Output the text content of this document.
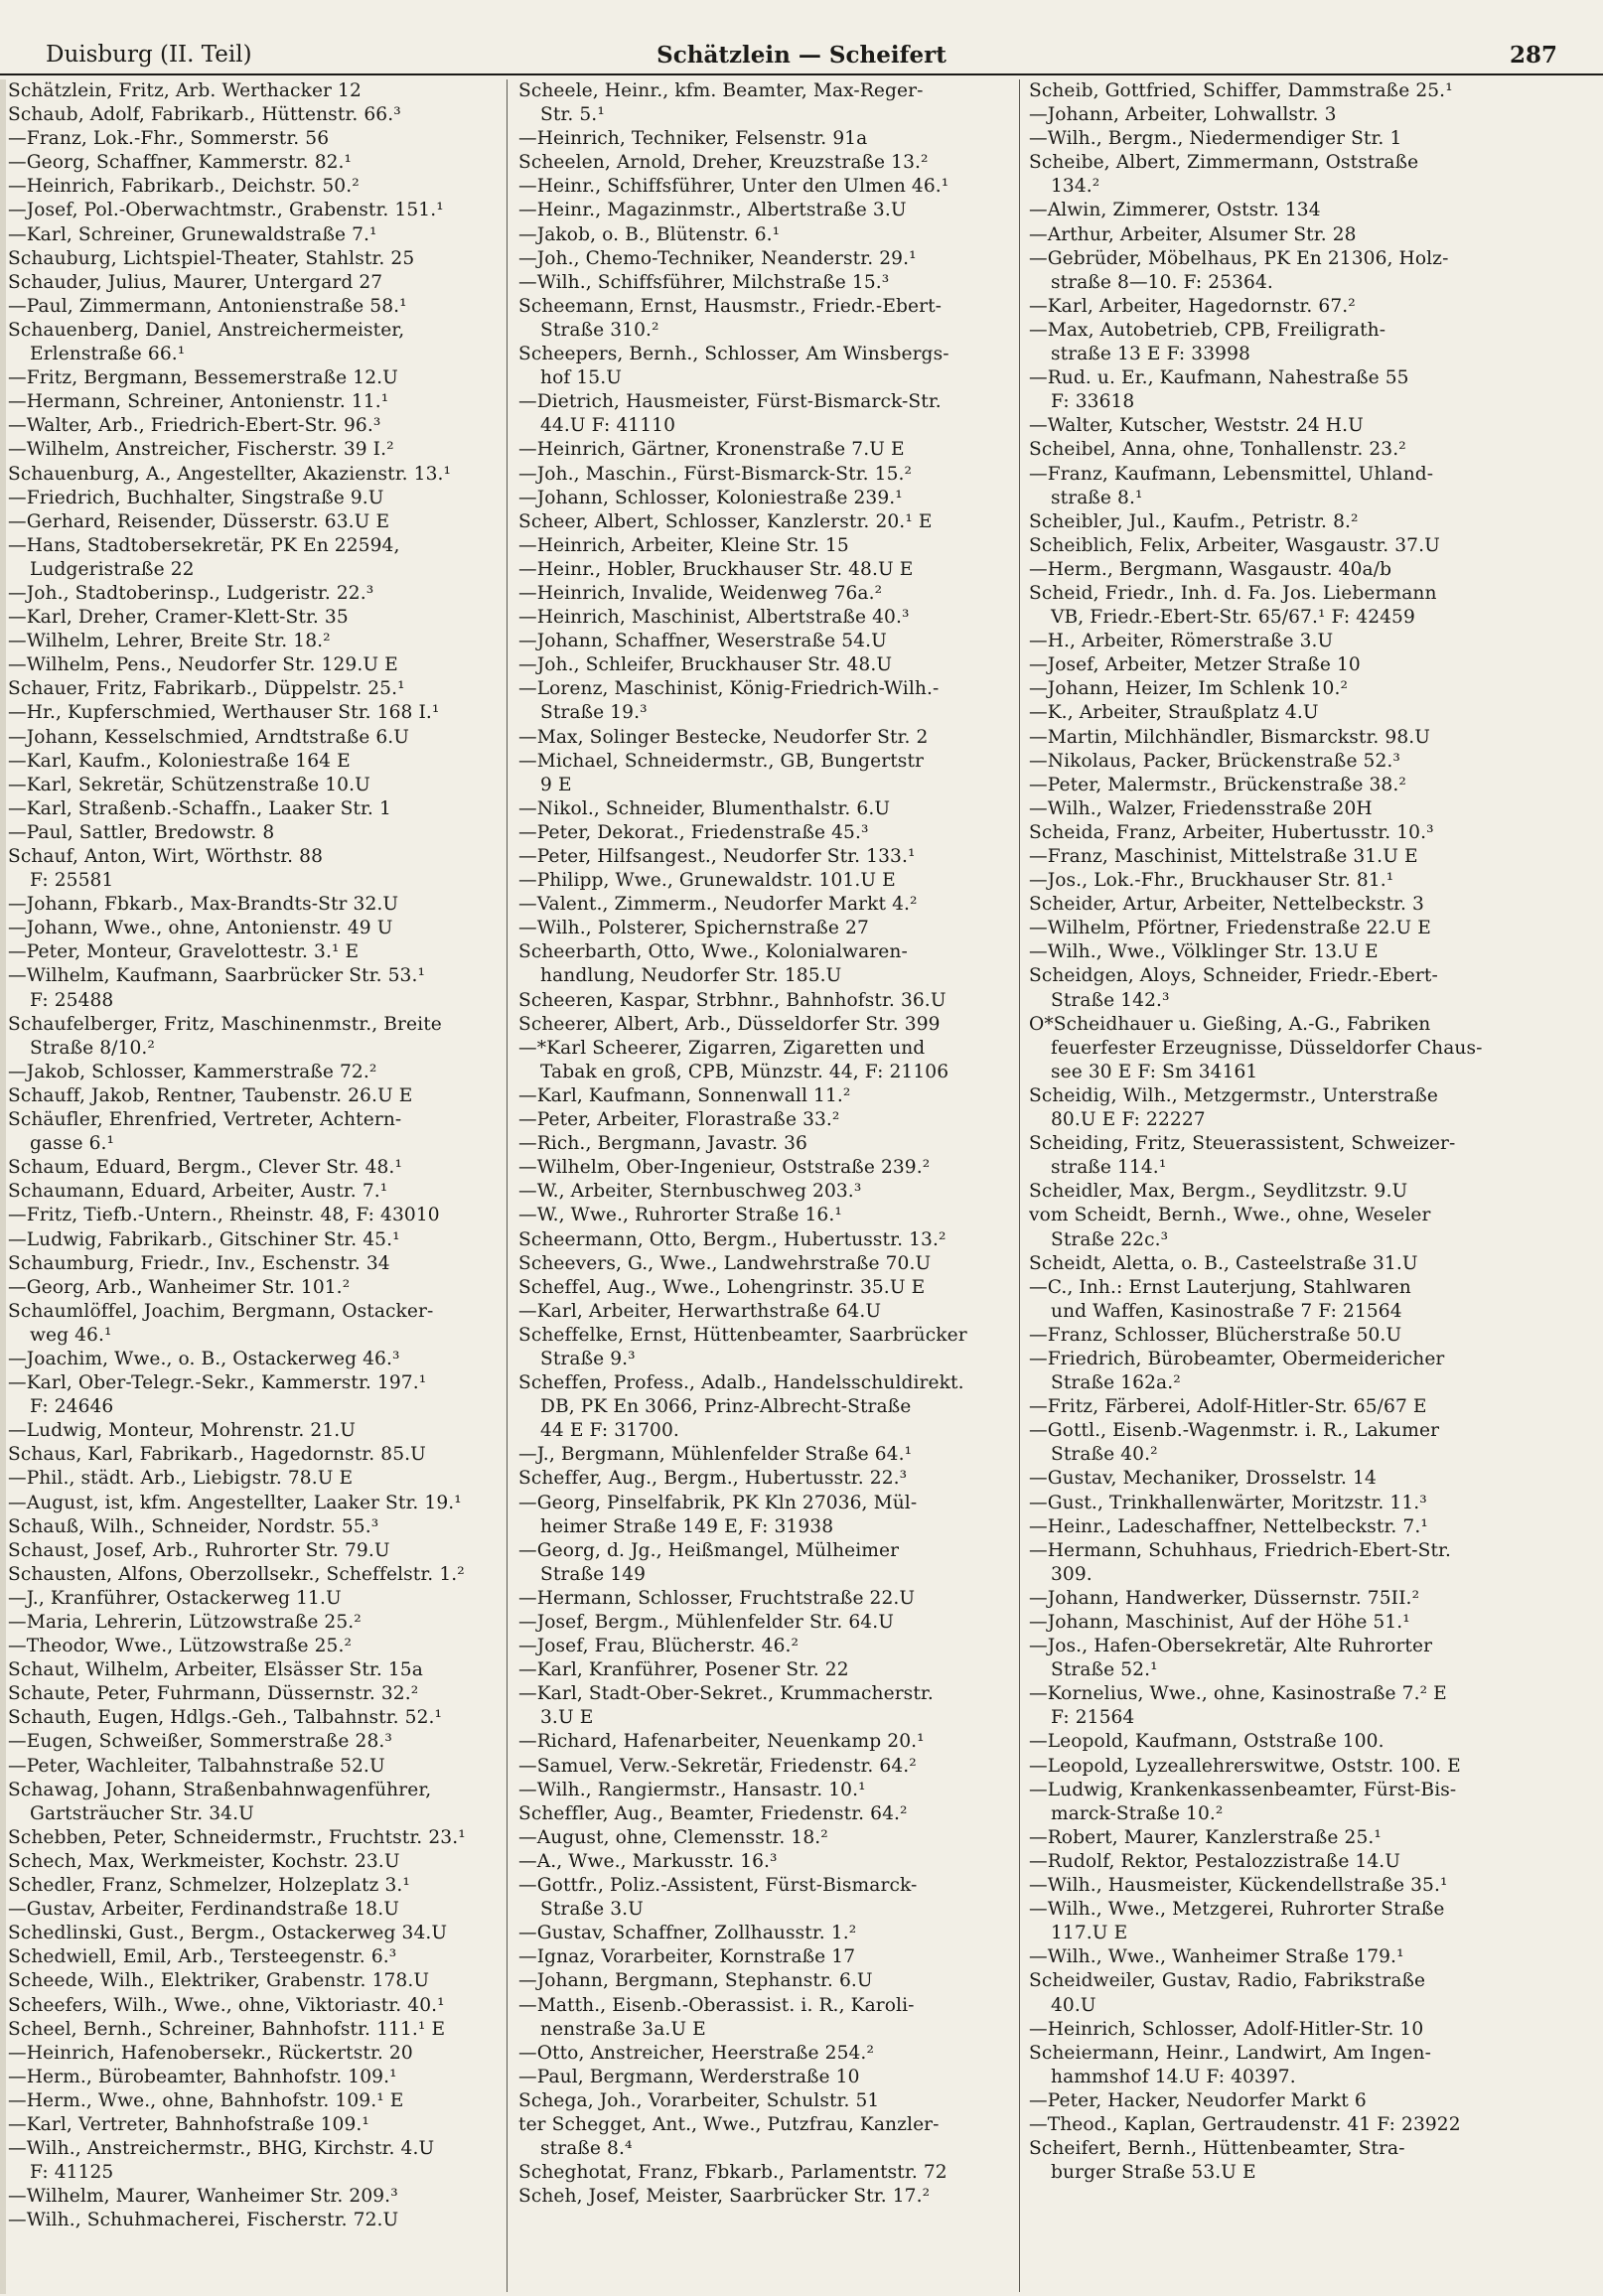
Duisburg (II. Teil)	Schätzlein — Scheifert	287
Schätzlein, Fritz, Arb. Werthacker 12
Schaub, Adolf, Fabrikarb., Hüttenstr. 66.³
—Franz, Lok.-Fhr., Sommerstr. 56
—Georg, Schaffner, Kammerstr. 82.¹
—Heinrich, Fabrikarb., Deichstr. 50.²
—Josef, Pol.-Oberwachtmstr., Grabenstr. 151.¹
—Karl, Schreiner, Grunewaldstraße 7.¹
Schauburg, Lichtspiel-Theater, Stahlstr. 25
Schauder, Julius, Maurer, Untergard 27
—Paul, Zimmermann, Antonienstraße 58.¹
Schauenberg, Daniel, Anstreichermeister,
Erlenstraße 66.¹
—Fritz, Bergmann, Bessemerstraße 12.U
—Hermann, Schreiner, Antonienstr. 11.¹
—Walter, Arb., Friedrich-Ebert-Str. 96.³
—Wilhelm, Anstreicher, Fischerstr. 39 I.²
Schauenburg, A., Angestellter, Akazienstr. 13.¹
—Friedrich, Buchhalter, Singstraße 9.U
—Gerhard, Reisender, Düsserstr. 63.U E
—Hans, Stadtobersekretär, PK En 22594,
Ludgeristraße 22
—Joh., Stadtoberinsp., Ludgeristr. 22.³
—Karl, Dreher, Cramer-Klett-Str. 35
—Wilhelm, Lehrer, Breite Str. 18.²
—Wilhelm, Pens., Neudorfer Str. 129.U E
Schauer, Fritz, Fabrikarb., Düppelstr. 25.¹
—Hr., Kupferschmied, Werthauser Str. 168 I.¹
—Johann, Kesselschmied, Arndtstraße 6.U
—Karl, Kaufm., Koloniestraße 164 E
—Karl, Sekretär, Schützenstraße 10.U
—Karl, Straßenb.-Schaffn., Laaker Str. 1
—Paul, Sattler, Bredowstr. 8
Schauf, Anton, Wirt, Wörthstr. 88
F: 25581
—Johann, Fbkarb., Max-Brandts-Str 32.U
—Johann, Wwe., ohne, Antonienstr. 49 U
—Peter, Monteur, Gravelottestr. 3.¹ E
—Wilhelm, Kaufmann, Saarbrücker Str. 53.¹
F: 25488
Schaufelberger, Fritz, Maschinenmstr., Breite
Straße 8/10.²
—Jakob, Schlosser, Kammerstraße 72.²
Schauff, Jakob, Rentner, Taubenstr. 26.U E
Schäufler, Ehrenfried, Vertreter, Achtern-
gasse 6.¹
Schaum, Eduard, Bergm., Clever Str. 48.¹
Schaumann, Eduard, Arbeiter, Austr. 7.¹
—Fritz, Tiefb.-Untern., Rheinstr. 48, F: 43010
—Ludwig, Fabrikarb., Gitschiner Str. 45.¹
Schaumburg, Friedr., Inv., Eschenstr. 34
—Georg, Arb., Wanheimer Str. 101.²
Schaumlöffel, Joachim, Bergmann, Ostacker-
weg 46.¹
—Joachim, Wwe., o. B., Ostackerweg 46.³
—Karl, Ober-Telegr.-Sekr., Kammerstr. 197.¹
F: 24646
—Ludwig, Monteur, Mohrenstr. 21.U
Schaus, Karl, Fabrikarb., Hagedornstr. 85.U
—Phil., städt. Arb., Liebigstr. 78.U E
—August, ist, kfm. Angestellter, Laaker Str. 19.¹
Schauß, Wilh., Schneider, Nordstr. 55.³
Schaust, Josef, Arb., Ruhrorter Str. 79.U
Schausten, Alfons, Oberzollsekr., Scheffelstr. 1.²
—J., Kranführer, Ostackerweg 11.U
—Maria, Lehrerin, Lützowstraße 25.²
—Theodor, Wwe., Lützowstraße 25.²
Schaut, Wilhelm, Arbeiter, Elsässer Str. 15a
Schaute, Peter, Fuhrmann, Düssernstr. 32.²
Schauth, Eugen, Hdlgs.-Geh., Talbahnstr. 52.¹
—Eugen, Schweißer, Sommerstraße 28.³
—Peter, Wachleiter, Talbahnstraße 52.U
Schawag, Johann, Straßenbahnwagenführer,
Gartsträucher Str. 34.U
Schebben, Peter, Schneidermstr., Fruchtstr. 23.¹
Schech, Max, Werkmeister, Kochstr. 23.U
Schedler, Franz, Schmelzer, Holzeplatz 3.¹
—Gustav, Arbeiter, Ferdinandstraße 18.U
Schedlinski, Gust., Bergm., Ostackerweg 34.U
Schedwiell, Emil, Arb., Tersteegenstr. 6.³
Scheede, Wilh., Elektriker, Grabenstr. 178.U
Scheefers, Wilh., Wwe., ohne, Viktoriastr. 40.¹
Scheel, Bernh., Schreiner, Bahnhofstr. 111.¹ E
—Heinrich, Hafenobersekr., Rückertstr. 20
—Herm., Bürobeamter, Bahnhofstr. 109.¹
—Herm., Wwe., ohne, Bahnhofstr. 109.¹ E
—Karl, Vertreter, Bahnhofstraße 109.¹
—Wilh., Anstreichermstr., BHG, Kirchstr. 4.U
F: 41125
—Wilhelm, Maurer, Wanheimer Str. 209.³
—Wilh., Schuhmacherei, Fischerstr. 72.U
Scheele, Heinr., kfm. Beamter, Max-Reger-
Str. 5.¹
—Heinrich, Techniker, Felsenstr. 91a
Scheelen, Arnold, Dreher, Kreuzstraße 13.²
—Heinr., Schiffsführer, Unter den Ulmen 46.¹
—Heinr., Magazinmstr., Albertstraße 3.U
—Jakob, o. B., Blütenstr. 6.¹
—Joh., Chemo-Techniker, Neanderstr. 29.¹
—Wilh., Schiffsführer, Milchstraße 15.³
Scheemann, Ernst, Hausmstr., Friedr.-Ebert-
Straße 310.²
Scheepers, Bernh., Schlosser, Am Winsbergs-
hof 15.U
—Dietrich, Hausmeister, Fürst-Bismarck-Str.
44.U F: 41110
—Heinrich, Gärtner, Kronenstraße 7.U E
—Joh., Maschin., Fürst-Bismarck-Str. 15.²
—Johann, Schlosser, Koloniestraße 239.¹
Scheer, Albert, Schlosser, Kanzlerstr. 20.¹ E
—Heinrich, Arbeiter, Kleine Str. 15
—Heinr., Hobler, Bruckhauser Str. 48.U E
—Heinrich, Invalide, Weidenweg 76a.²
—Heinrich, Maschinist, Albertstraße 40.³
—Johann, Schaffner, Weserstraße 54.U
—Joh., Schleifer, Bruckhauser Str. 48.U
—Lorenz, Maschinist, König-Friedrich-Wilh.-
Straße 19.³
—Max, Solinger Bestecke, Neudorfer Str. 2
—Michael, Schneidermstr., GB, Bungertstr
9 E
—Nikol., Schneider, Blumenthalstr. 6.U
—Peter, Dekorat., Friedenstraße 45.³
—Peter, Hilfsangest., Neudorfer Str. 133.¹
—Philipp, Wwe., Grunewaldstr. 101.U E
—Valent., Zimmerm., Neudorfer Markt 4.²
—Wilh., Polsterer, Spichernstraße 27
Scheerbarth, Otto, Wwe., Kolonialwaren-
handlung, Neudorfer Str. 185.U
Scheeren, Kaspar, Strbhnr., Bahnhofstr. 36.U
Scheerer, Albert, Arb., Düsseldorfer Str. 399
—*Karl Scheerer, Zigarren, Zigaretten und
Tabak en groß, CPB, Münzstr. 44, F: 21106
—Karl, Kaufmann, Sonnenwall 11.²
—Peter, Arbeiter, Florastraße 33.²
—Rich., Bergmann, Javastr. 36
—Wilhelm, Ober-Ingenieur, Oststraße 239.²
—W., Arbeiter, Sternbuschweg 203.³
—W., Wwe., Ruhrorter Straße 16.¹
Scheermann, Otto, Bergm., Hubertusstr. 13.²
Scheevers, G., Wwe., Landwehrstraße 70.U
Scheffel, Aug., Wwe., Lohengrinstr. 35.U E
—Karl, Arbeiter, Herwarthstraße 64.U
Scheffelke, Ernst, Hüttenbeamter, Saarbrücker
Straße 9.³
Scheffen, Profess., Adalb., Handelsschuldirekt.
DB, PK En 3066, Prinz-Albrecht-Straße
44 E F: 31700.
—J., Bergmann, Mühlenfelder Straße 64.¹
Scheffer, Aug., Bergm., Hubertusstr. 22.³
—Georg, Pinselfabrik, PK Kln 27036, Mül-
heimer Straße 149 E, F: 31938
—Georg, d. Jg., Heißmangel, Mülheimer
Straße 149
—Hermann, Schlosser, Fruchtstraße 22.U
—Josef, Bergm., Mühlenfelder Str. 64.U
—Josef, Frau, Blücherstr. 46.²
—Karl, Kranführer, Posener Str. 22
—Karl, Stadt-Ober-Sekret., Krummacherstr.
3.U E
—Richard, Hafenarbeiter, Neuenkamp 20.¹
—Samuel, Verw.-Sekretär, Friedenstr. 64.²
—Wilh., Rangiermstr., Hansastr. 10.¹
Scheffler, Aug., Beamter, Friedenstr. 64.²
—August, ohne, Clemensstr. 18.²
—A., Wwe., Markusstr. 16.³
—Gottfr., Poliz.-Assistent, Fürst-Bismarck-
Straße 3.U
—Gustav, Schaffner, Zollhausstr. 1.²
—Ignaz, Vorarbeiter, Kornstraße 17
—Johann, Bergmann, Stephanstr. 6.U
—Matth., Eisenb.-Oberassist. i. R., Karoli-
nenstraße 3a.U E
—Otto, Anstreicher, Heerstraße 254.²
—Paul, Bergmann, Werderstraße 10
Schega, Joh., Vorarbeiter, Schulstr. 51
ter Schegget, Ant., Wwe., Putzfrau, Kanzler-
straße 8.⁴
Scheghotat, Franz, Fbkarb., Parlamentstr. 72
Scheh, Josef, Meister, Saarbrücker Str. 17.²
Scheib, Gottfried, Schiffer, Dammstraße 25.¹
—Johann, Arbeiter, Lohwallstr. 3
—Wilh., Bergm., Niedermendiger Str. 1
Scheibe, Albert, Zimmermann, Oststraße
134.²
—Alwin, Zimmerer, Oststr. 134
—Arthur, Arbeiter, Alsumer Str. 28
—Gebrüder, Möbelhaus, PK En 21306, Holz-
straße 8—10. F: 25364.
—Karl, Arbeiter, Hagedornstr. 67.²
—Max, Autobetrieb, CPB, Freiligrath-
straße 13 E F: 33998
—Rud. u. Er., Kaufmann, Nahestraße 55
F: 33618
—Walter, Kutscher, Weststr. 24 H.U
Scheibel, Anna, ohne, Tonhallenstr. 23.²
—Franz, Kaufmann, Lebensmittel, Uhland-
straße 8.¹
Scheibler, Jul., Kaufm., Petristr. 8.²
Scheiblich, Felix, Arbeiter, Wasgaustr. 37.U
—Herm., Bergmann, Wasgaustr. 40a/b
Scheid, Friedr., Inh. d. Fa. Jos. Liebermann
VB, Friedr.-Ebert-Str. 65/67.¹ F: 42459
—H., Arbeiter, Römerstraße 3.U
—Josef, Arbeiter, Metzer Straße 10
—Johann, Heizer, Im Schlenk 10.²
—K., Arbeiter, Straußplatz 4.U
—Martin, Milchhändler, Bismarckstr. 98.U
—Nikolaus, Packer, Brückenstraße 52.³
—Peter, Malermstr., Brückenstraße 38.²
—Wilh., Walzer, Friedensstraße 20H
Scheida, Franz, Arbeiter, Hubertusstr. 10.³
—Franz, Maschinist, Mittelstraße 31.U E
—Jos., Lok.-Fhr., Bruckhauser Str. 81.¹
Scheider, Artur, Arbeiter, Nettelbeckstr. 3
—Wilhelm, Pförtner, Friedenstraße 22.U E
—Wilh., Wwe., Völklinger Str. 13.U E
Scheidgen, Aloys, Schneider, Friedr.-Ebert-
Straße 142.³
O*Scheidhauer u. Gießing, A.-G., Fabriken
feuerfester Erzeugnisse, Düsseldorfer Chaus-
see 30 E F: Sm 34161
Scheidig, Wilh., Metzgermstr., Unterstraße
80.U E F: 22227
Scheiding, Fritz, Steuerassistent, Schweizer-
straße 114.¹
Scheidler, Max, Bergm., Seydlitzstr. 9.U
vom Scheidt, Bernh., Wwe., ohne, Weseler
Straße 22c.³
Scheidt, Aletta, o. B., Casteelstraße 31.U
—C., Inh.: Ernst Lauterjung, Stahlwaren
und Waffen, Kasinostraße 7 F: 21564
—Franz, Schlosser, Blücherstraße 50.U
—Friedrich, Bürobeamter, Obermeidericher
Straße 162a.²
—Fritz, Färberei, Adolf-Hitler-Str. 65/67 E
—Gottl., Eisenb.-Wagenmstr. i. R., Lakumer
Straße 40.²
—Gustav, Mechaniker, Drosselstr. 14
—Gust., Trinkhallenwärter, Moritzstr. 11.³
—Heinr., Ladeschaffner, Nettelbeckstr. 7.¹
—Hermann, Schuhhaus, Friedrich-Ebert-Str.
309.
—Johann, Handwerker, Düssernstr. 75II.²
—Johann, Maschinist, Auf der Höhe 51.¹
—Jos., Hafen-Obersekretär, Alte Ruhrorter
Straße 52.¹
—Kornelius, Wwe., ohne, Kasinostraße 7.² E
F: 21564
—Leopold, Kaufmann, Oststraße 100.
—Leopold, Lyzeallehrerswitwe, Oststr. 100. E
—Ludwig, Krankenkassenbeamter, Fürst-Bis-
marck-Straße 10.²
—Robert, Maurer, Kanzlerstraße 25.¹
—Rudolf, Rektor, Pestalozzistraße 14.U
—Wilh., Hausmeister, Kückendellstraße 35.¹
—Wilh., Wwe., Metzgerei, Ruhrorter Straße
117.U E
—Wilh., Wwe., Wanheimer Straße 179.¹
Scheidweiler, Gustav, Radio, Fabrikstraße
40.U
—Heinrich, Schlosser, Adolf-Hitler-Str. 10
Scheiermann, Heinr., Landwirt, Am Ingen-
hammshof 14.U F: 40397.
—Peter, Hacker, Neudorfer Markt 6
—Theod., Kaplan, Gertraudenstr. 41 F: 23922
Scheifert, Bernh., Hüttenbeamter, Stra-
burger Straße 53.U E
